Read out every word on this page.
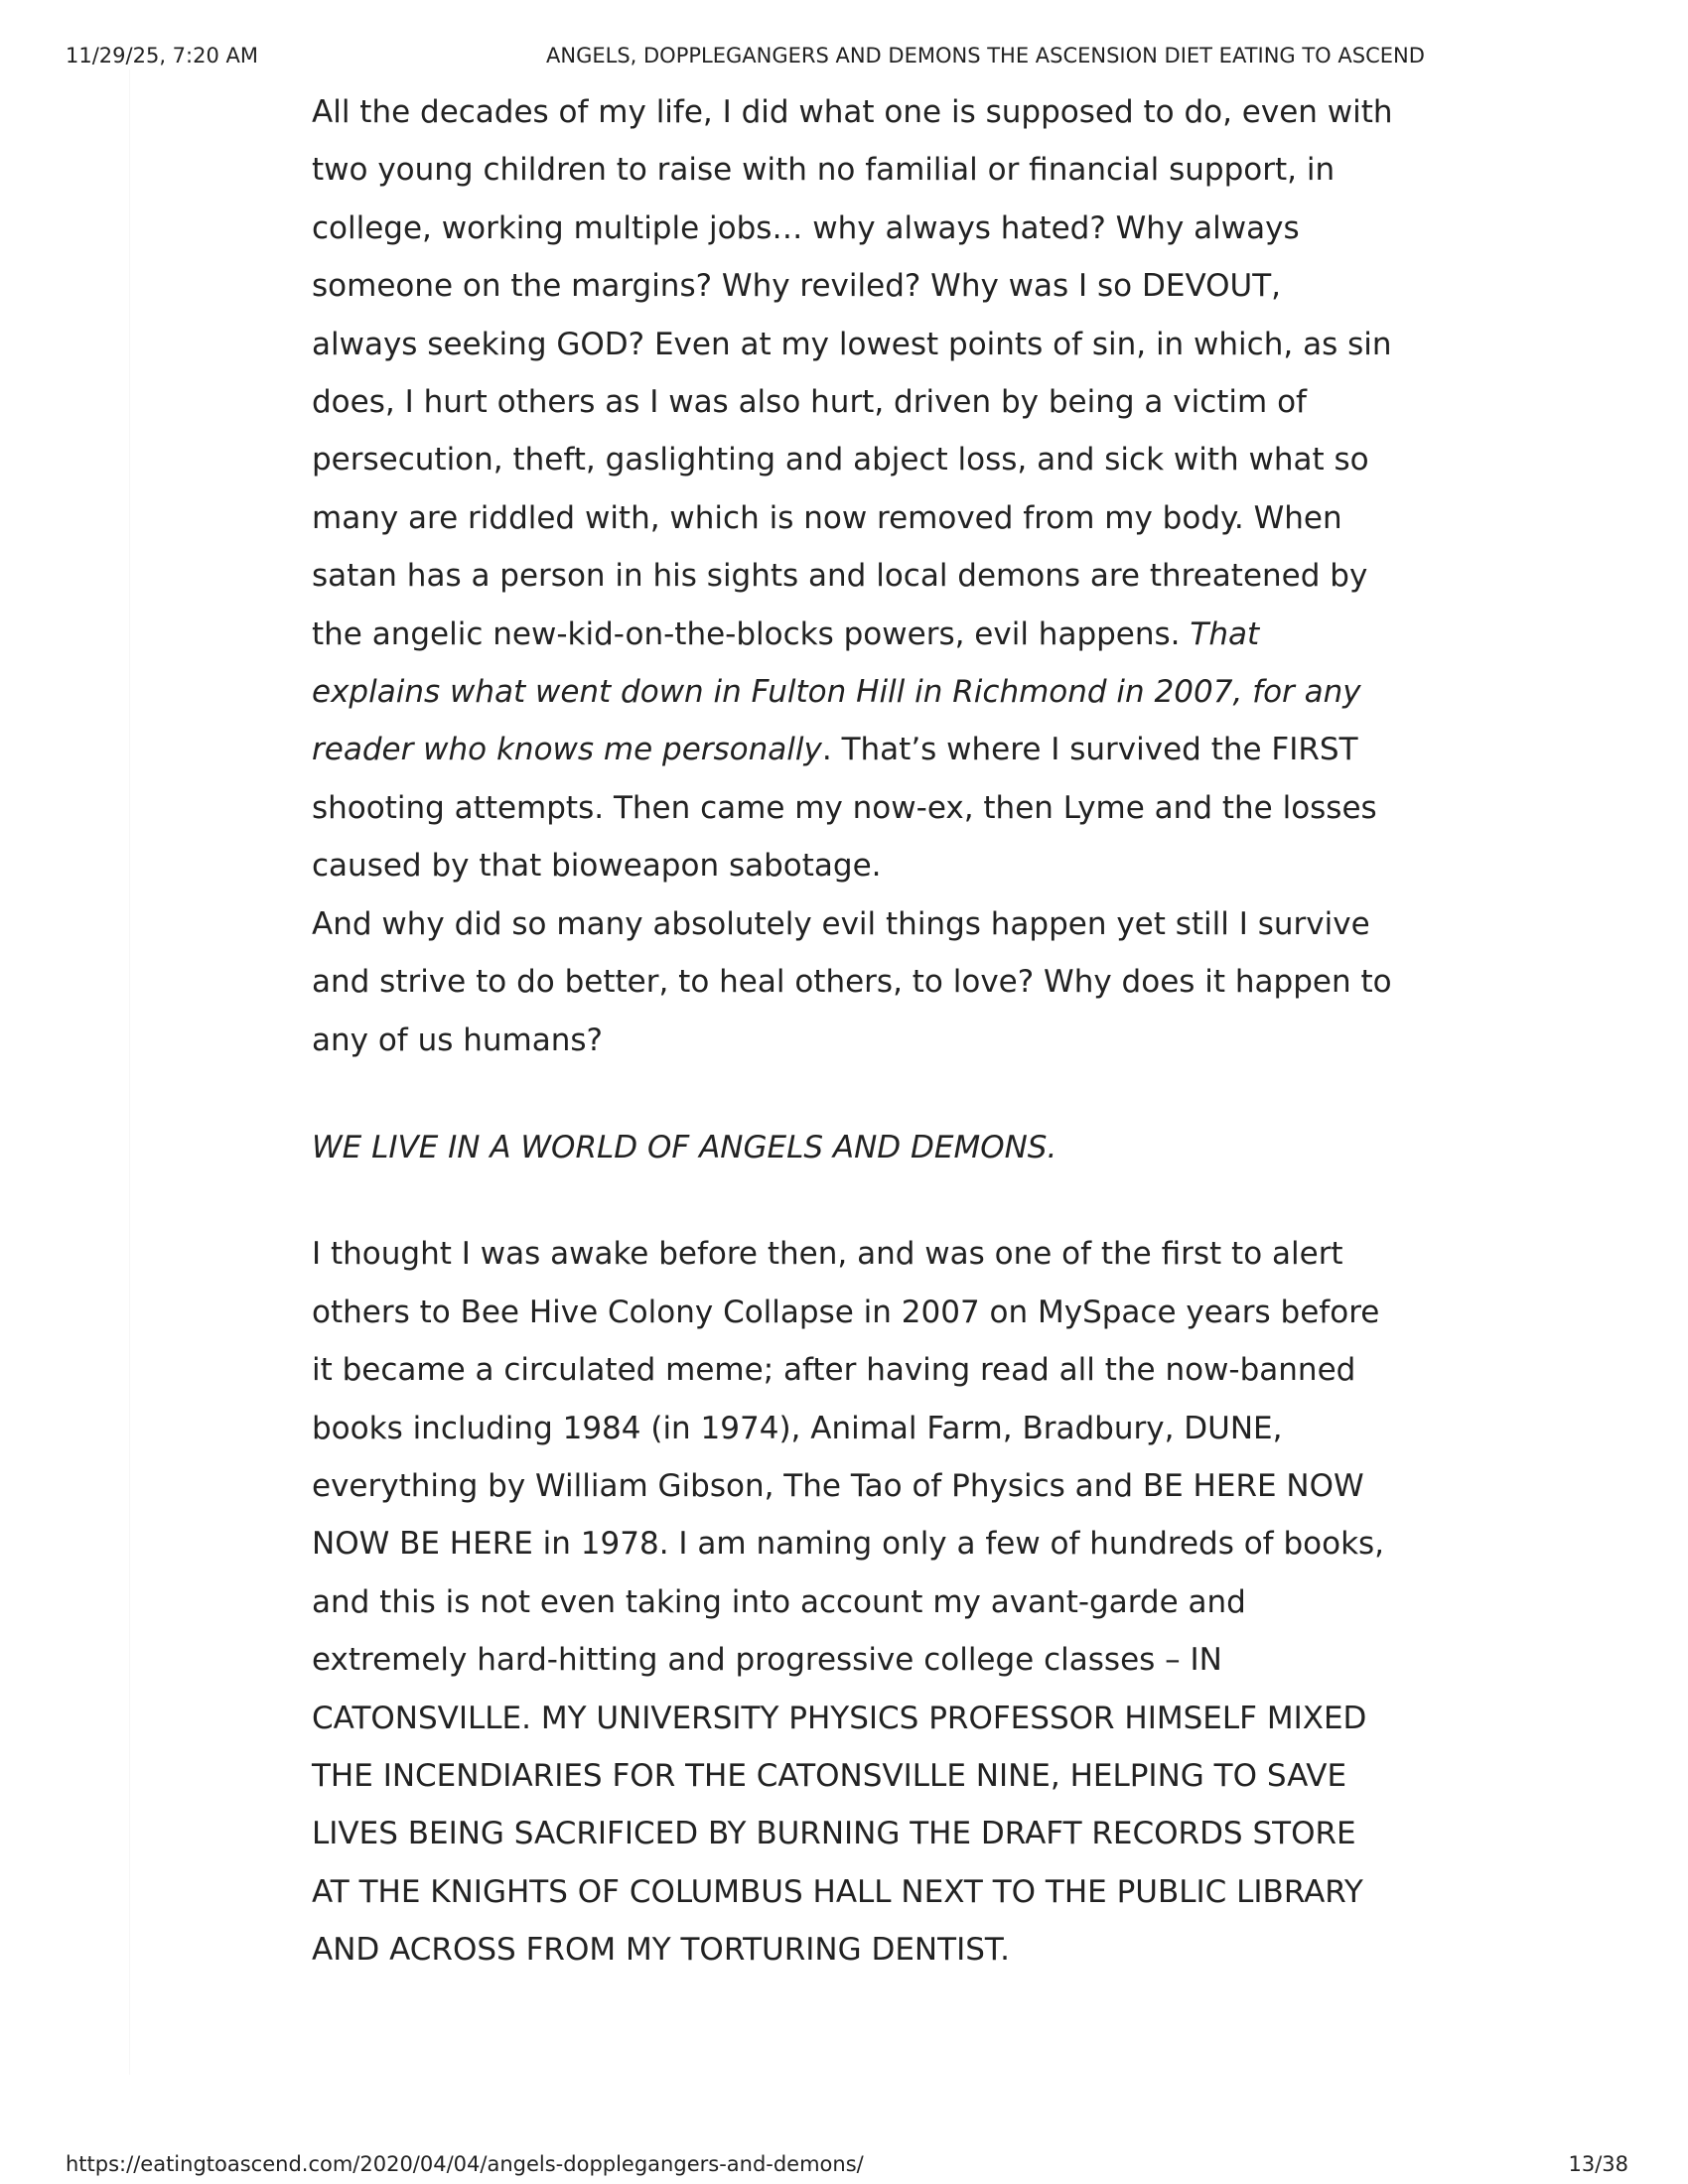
11/29/25, 7:20 AM	ANGELS, DOPPLEGANGERS AND DEMONS THE ASCENSION DIET EATING TO ASCEND

All the decades of my life, I did what one is supposed to do, even with two young children to raise with no familial or financial support, in college, working multiple jobs… why always hated? Why always someone on the margins? Why reviled? Why was I so DEVOUT, always seeking GOD? Even at my lowest points of sin, in which, as sin does, I hurt others as I was also hurt, driven by being a victim of persecution, theft, gaslighting and abject loss, and sick with what so many are riddled with, which is now removed from my body. When satan has a person in his sights and local demons are threatened by the angelic new-kid-on-the-blocks powers, evil happens. That explains what went down in Fulton Hill in Richmond in 2007, for any reader who knows me personally. That’s where I survived the FIRST shooting attempts. Then came my now-ex, then Lyme and the losses caused by that bioweapon sabotage.

And why did so many absolutely evil things happen yet still I survive and strive to do better, to heal others, to love? Why does it happen to any of us humans?

WE LIVE IN A WORLD OF ANGELS AND DEMONS.

I thought I was awake before then, and was one of the first to alert others to Bee Hive Colony Collapse in 2007 on MySpace years before it became a circulated meme; after having read all the now-banned books including 1984 (in 1974), Animal Farm, Bradbury, DUNE, everything by William Gibson, The Tao of Physics and BE HERE NOW NOW BE HERE in 1978. I am naming only a few of hundreds of books, and this is not even taking into account my avant-garde and extremely hard-hitting and progressive college classes – IN CATONSVILLE. MY UNIVERSITY PHYSICS PROFESSOR HIMSELF MIXED THE INCENDIARIES FOR THE CATONSVILLE NINE, HELPING TO SAVE LIVES BEING SACRIFICED BY BURNING THE DRAFT RECORDS STORE AT THE KNIGHTS OF COLUMBUS HALL NEXT TO THE PUBLIC LIBRARY AND ACROSS FROM MY TORTURING DENTIST.

https://eatingtoascend.com/2020/04/04/angels-dopplegangers-and-demons/	13/38
